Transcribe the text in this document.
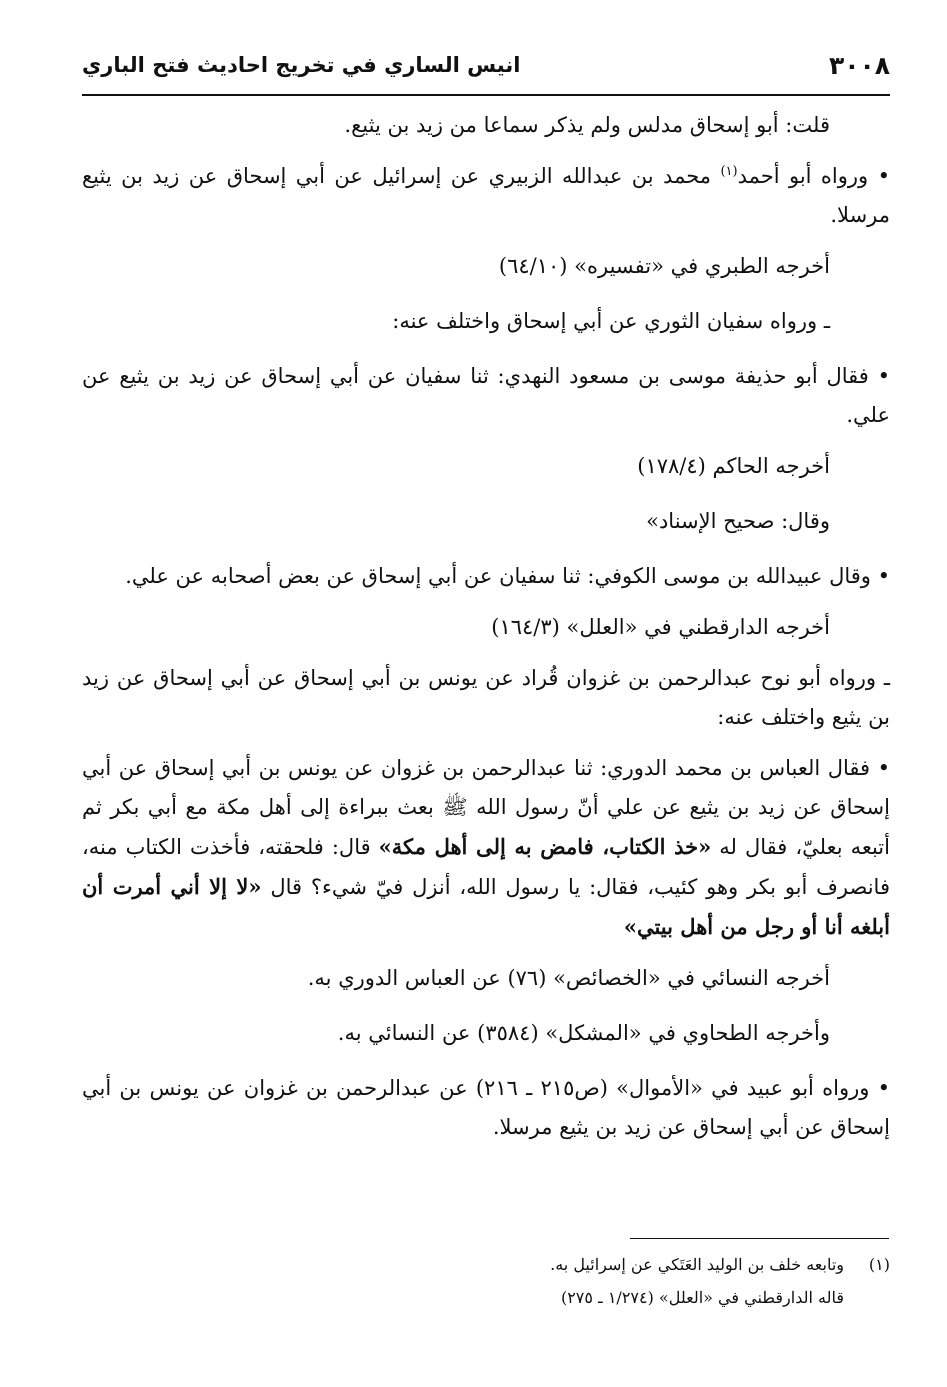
٣٠٠٨
انيس الساري في تخريج احاديث فتح الباري

قلت: أبو إسحاق مدلس ولم يذكر سماعا من زيد بن يثيع.

• ورواه أبو أحمد$^{(١)}$ محمد بن عبدالله الزبيري عن إسرائيل عن أبي إسحاق عن زيد بن يثيع مرسلا.

أخرجه الطبري في «تفسيره» (٦٤/١٠)

ـ ورواه سفيان الثوري عن أبي إسحاق واختلف عنه:

• فقال أبو حذيفة موسى بن مسعود النهدي: ثنا سفيان عن أبي إسحاق عن زيد بن يثيع عن علي.

أخرجه الحاكم (١٧٨/٤)

وقال: صحيح الإسناد»

• وقال عبيدالله بن موسى الكوفي: ثنا سفيان عن أبي إسحاق عن بعض أصحابه عن علي.

أخرجه الدارقطني في «العلل» (١٦٤/٣)

ـ ورواه أبو نوح عبدالرحمن بن غزوان قُراد عن يونس بن أبي إسحاق عن أبي إسحاق عن زيد بن يثيع واختلف عنه:

• فقال العباس بن محمد الدوري: ثنا عبدالرحمن بن غزوان عن يونس بن أبي إسحاق عن أبي إسحاق عن زيد بن يثيع عن علي أنّ رسول الله ﷺ بعث ببراءة إلى أهل مكة مع أبي بكر ثم أتبعه بعليّ، فقال له «خذ الكتاب، فامض به إلى أهل مكة» قال: فلحقته، فأخذت الكتاب منه، فانصرف أبو بكر وهو كئيب، فقال: يا رسول الله، أنزل فيّ شيء؟ قال «لا إلا أني أمرت أن أبلغه أنا أو رجل من أهل بيتي»

أخرجه النسائي في «الخصائص» (٧٦) عن العباس الدوري به.

وأخرجه الطحاوي في «المشكل» (٣٥٨٤) عن النسائي به.

• ورواه أبو عبيد في «الأموال» (ص٢١٥ ـ ٢١٦) عن عبدالرحمن بن غزوان عن يونس بن أبي إسحاق عن أبي إسحاق عن زيد بن يثيع مرسلا.

(١)
وتابعه خلف بن الوليد العَتَكي عن إسرائيل به.
قاله الدارقطني في «العلل» (١/٢٧٤ ـ ٢٧٥)
